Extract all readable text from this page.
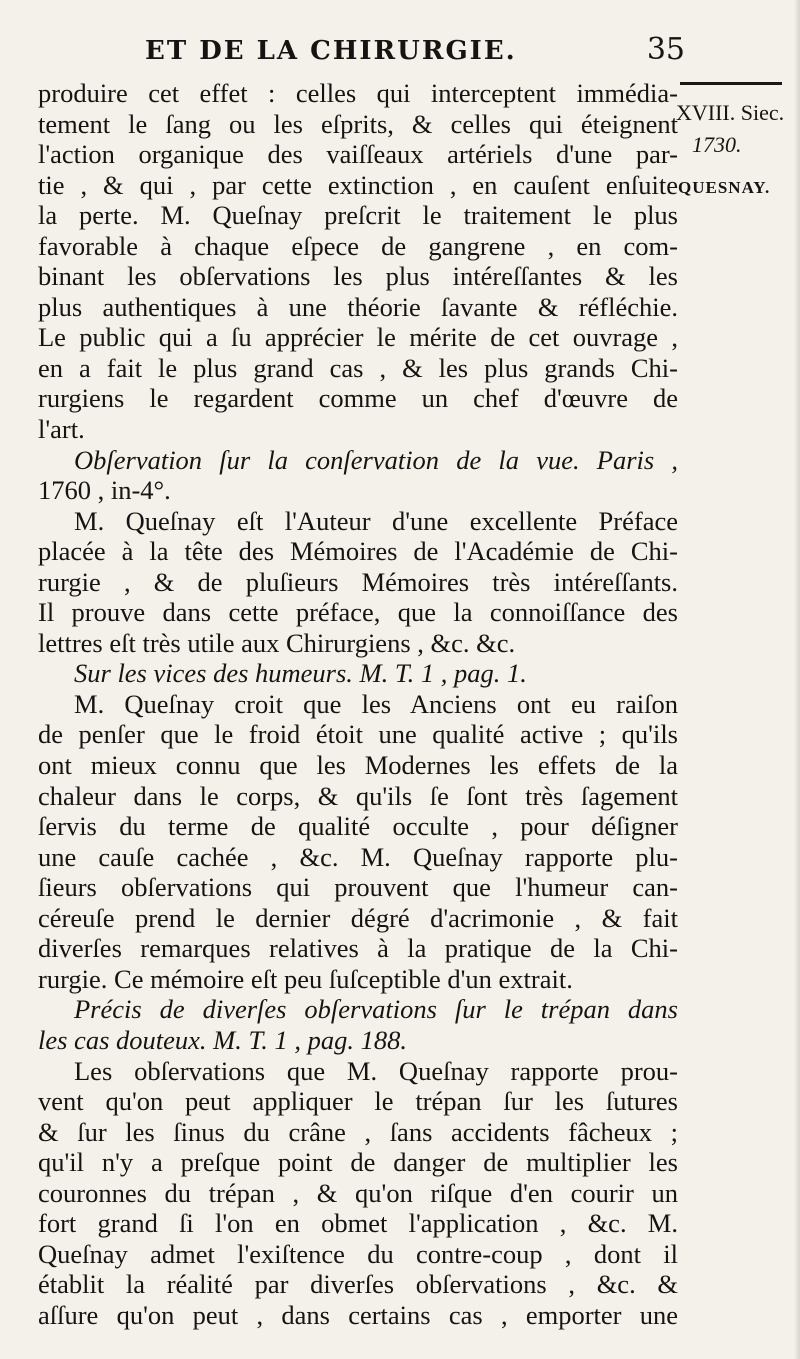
ET DE LA CHIRURGIE.	35
XVIII. Siec.
1730.
QUESNAY.
produire cet effet : celles qui interceptent immédia-
tement le ſang ou les eſprits, & celles qui éteignent
l'action organique des vaiſſeaux artériels d'une par-
tie , & qui , par cette extinction , en cauſent enſuite
la perte. M. Queſnay preſcrit le traitement le plus
favorable à chaque eſpece de gangrene , en com-
binant les obſervations les plus intéreſſantes & les
plus authentiques à une théorie ſavante & réfléchie.
Le public qui a ſu apprécier le mérite de cet ouvrage ,
en a fait le plus grand cas , & les plus grands Chi-
rurgiens le regardent comme un chef d'œuvre de
l'art.
Obſervation ſur la conſervation de la vue. Paris ,
1760 , in-4°.
M. Queſnay eſt l'Auteur d'une excellente Préface
placée à la tête des Mémoires de l'Académie de Chi-
rurgie , & de pluſieurs Mémoires très intéreſſants.
Il prouve dans cette préface, que la connoiſſance des
lettres eſt très utile aux Chirurgiens , &c. &c.
Sur les vices des humeurs. M. T. 1 , pag. 1.
M. Queſnay croit que les Anciens ont eu raiſon
de penſer que le froid étoit une qualité active ; qu'ils
ont mieux connu que les Modernes les effets de la
chaleur dans le corps, & qu'ils ſe ſont très ſagement
ſervis du terme de qualité occulte , pour déſigner
une cauſe cachée , &c. M. Queſnay rapporte plu-
ſieurs obſervations qui prouvent que l'humeur can-
céreuſe prend le dernier dégré d'acrimonie , & fait
diverſes remarques relatives à la pratique de la Chi-
rurgie. Ce mémoire eſt peu ſuſceptible d'un extrait.
Précis de diverſes obſervations ſur le trépan dans
les cas douteux. M. T. 1 , pag. 188.
Les obſervations que M. Queſnay rapporte prou-
vent qu'on peut appliquer le trépan ſur les ſutures
& ſur les ſinus du crâne , ſans accidents fâcheux ;
qu'il n'y a preſque point de danger de multiplier les
couronnes du trépan , & qu'on riſque d'en courir un
fort grand ſi l'on en obmet l'application , &c. M.
Queſnay admet l'exiſtence du contre-coup , dont il
établit la réalité par diverſes obſervations , &c. &
aſſure qu'on peut , dans certains cas , emporter une
